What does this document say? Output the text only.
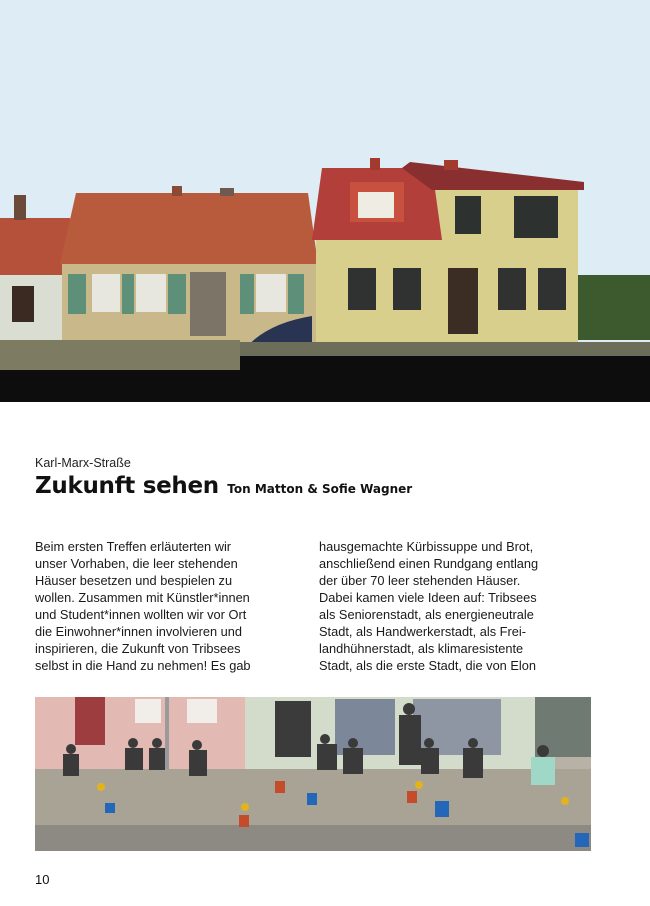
Karl-Marx-Straße
Zukunft sehen Ton Matton & Sofie Wagner

Beim ersten Treffen erläuterten wir
unser Vorhaben, die leer stehenden
Häuser besetzen und bespielen zu
wollen. Zusammen mit Künstler*innen
und Student*innen wollten wir vor Ort
die Einwohner*innen involvieren und
inspirieren, die Zukunft von Tribsees
selbst in die Hand zu nehmen! Es gab

hausgemachte Kürbissuppe und Brot,
anschließend einen Rundgang entlang
der über 70 leer stehenden Häuser.
Dabei kamen viele Ideen auf: Tribsees
als Seniorenstadt, als energieneutrale
Stadt, als Handwerkerstadt, als Frei-
landhühnerstadt, als klimaresistente
Stadt, als die erste Stadt, die von Elon

10
